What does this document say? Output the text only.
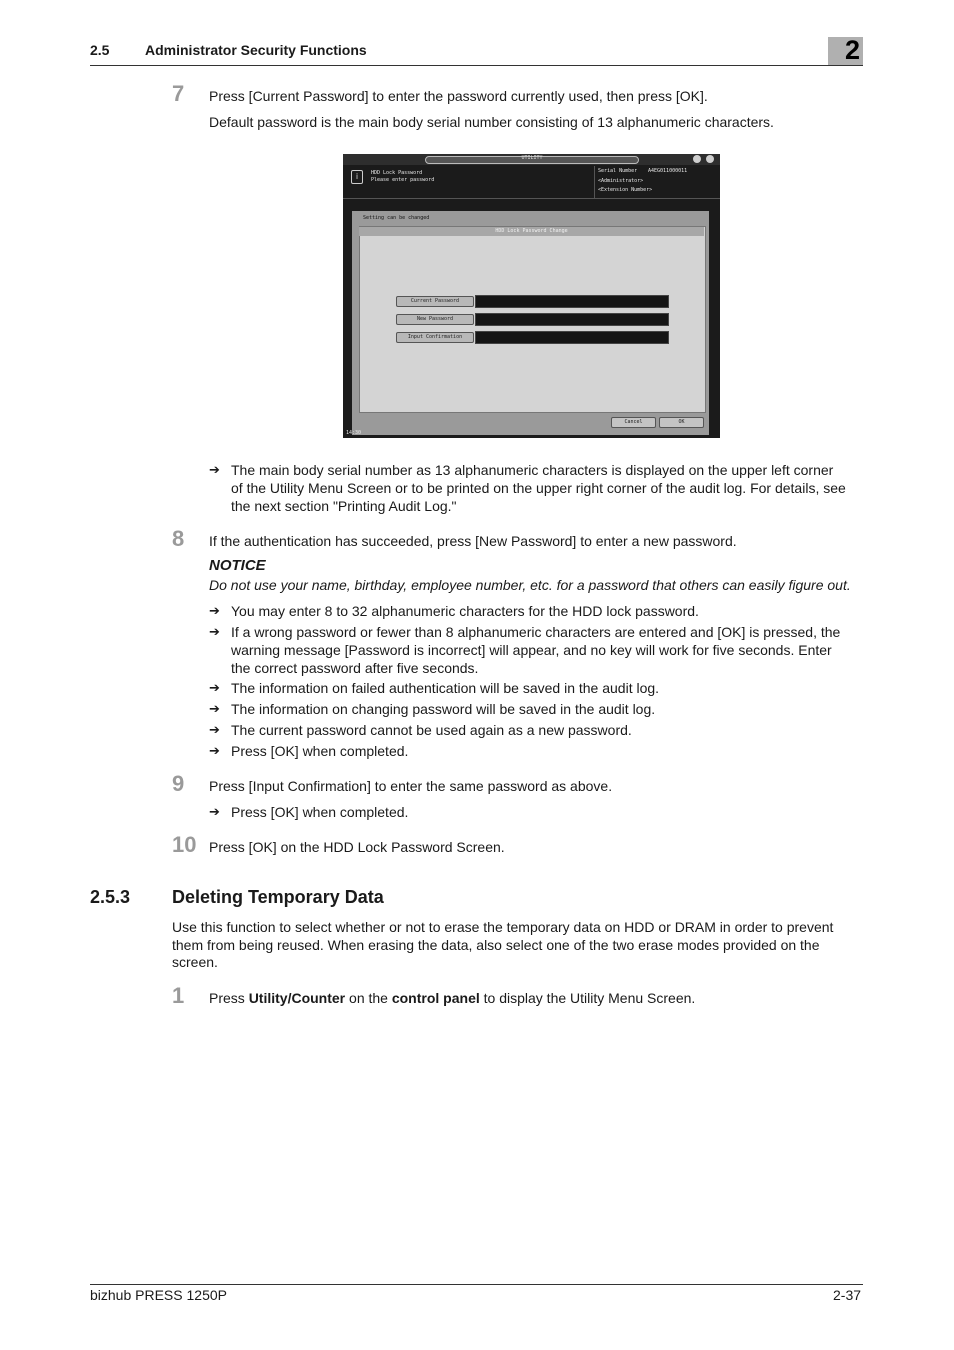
2.5	Administrator Security Functions	2
7 Press [Current Password] to enter the password currently used, then press [OK].
Default password is the main body serial number consisting of 13 alphanumeric characters.
UTILITY
i	HDD Lock Password
Please enter password
Serial Number A4EG011000011
<Administrator>
<Extension Number>
Setting can be changed
HDD Lock Password Change
Current Password
New Password
Input Confirmation
Cancel	OK
14:30
➔ The main body serial number as 13 alphanumeric characters is displayed on the upper left corner
of the Utility Menu Screen or to be printed on the upper right corner of the audit log. For details, see
the next section "Printing Audit Log."
8 If the authentication has succeeded, press [New Password] to enter a new password.
NOTICE
Do not use your name, birthday, employee number, etc. for a password that others can easily figure out.
➔ You may enter 8 to 32 alphanumeric characters for the HDD lock password.
➔ If a wrong password or fewer than 8 alphanumeric characters are entered and [OK] is pressed, the
warning message [Password is incorrect] will appear, and no key will work for five seconds. Enter
the correct password after five seconds.
➔ The information on failed authentication will be saved in the audit log.
➔ The information on changing password will be saved in the audit log.
➔ The current password cannot be used again as a new password.
➔ Press [OK] when completed.
9 Press [Input Confirmation] to enter the same password as above.
➔ Press [OK] when completed.
10 Press [OK] on the HDD Lock Password Screen.
2.5.3 Deleting Temporary Data
Use this function to select whether or not to erase the temporary data on HDD or DRAM in order to prevent
them from being reused. When erasing the data, also select one of the two erase modes provided on the
screen.
1 Press Utility/Counter on the control panel to display the Utility Menu Screen.
bizhub PRESS 1250P	2-37
